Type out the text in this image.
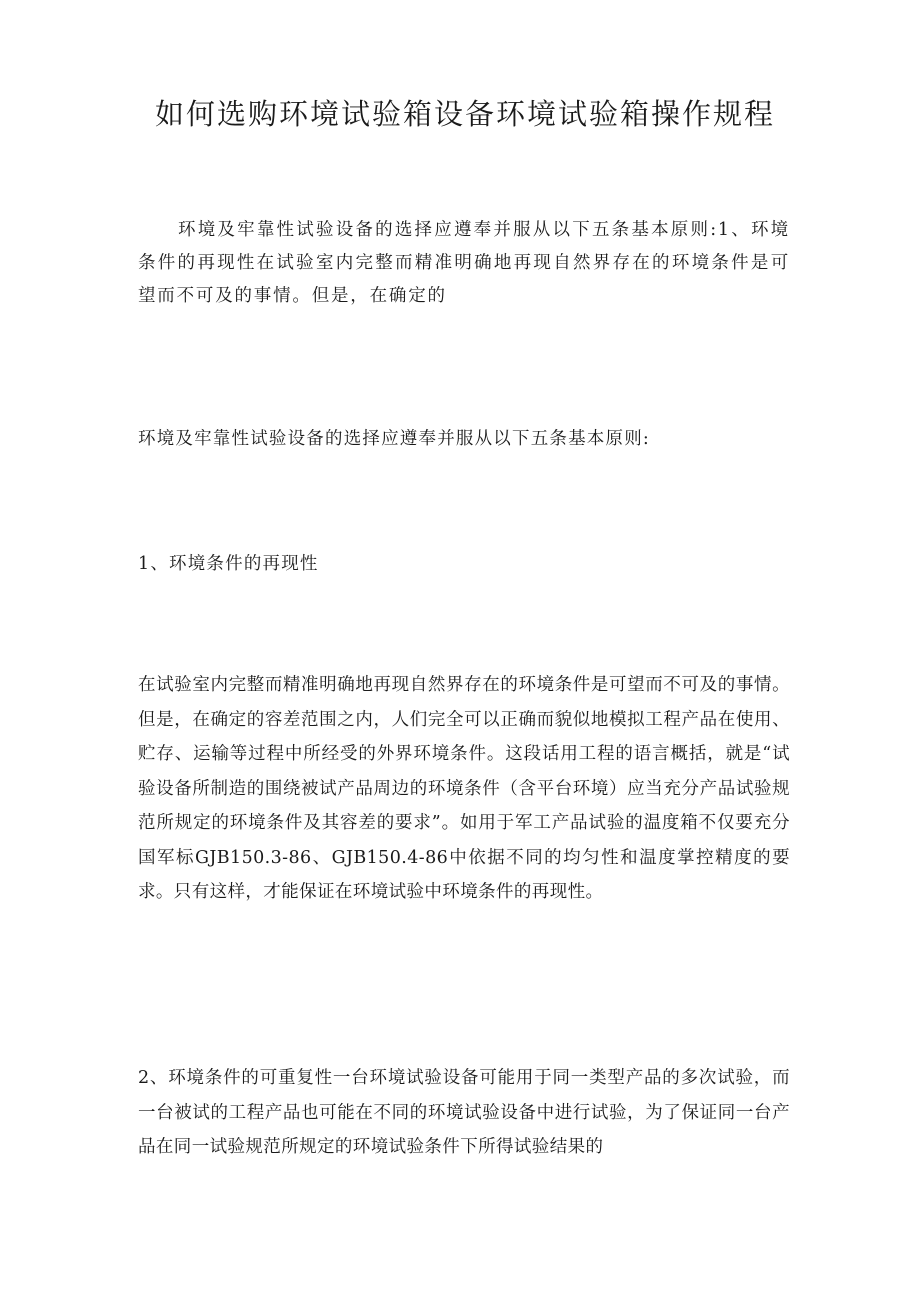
如何选购环境试验箱设备环境试验箱操作规程

环境及牢靠性试验设备的选择应遵奉并服从以下五条基本原则:1、环境条件的再现性在试验室内完整而精准明确地再现自然界存在的环境条件是可望而不可及的事情。但是，在确定的

环境及牢靠性试验设备的选择应遵奉并服从以下五条基本原则:

1、环境条件的再现性

在试验室内完整而精准明确地再现自然界存在的环境条件是可望而不可及的事情。但是，在确定的容差范围之内，人们完全可以正确而貌似地模拟工程产品在使用、贮存、运输等过程中所经受的外界环境条件。这段话用工程的语言概括，就是“试验设备所制造的围绕被试产品周边的环境条件（含平台环境）应当充分产品试验规范所规定的环境条件及其容差的要求”。如用于军工产品试验的温度箱不仅要充分国军标GJB150.3-86、GJB150.4-86中依据不同的均匀性和温度掌控精度的要求。只有这样，才能保证在环境试验中环境条件的再现性。

2、环境条件的可重复性一台环境试验设备可能用于同一类型产品的多次试验，而一台被试的工程产品也可能在不同的环境试验设备中进行试验，为了保证同一台产品在同一试验规范所规定的环境试验条件下所得试验结果的
